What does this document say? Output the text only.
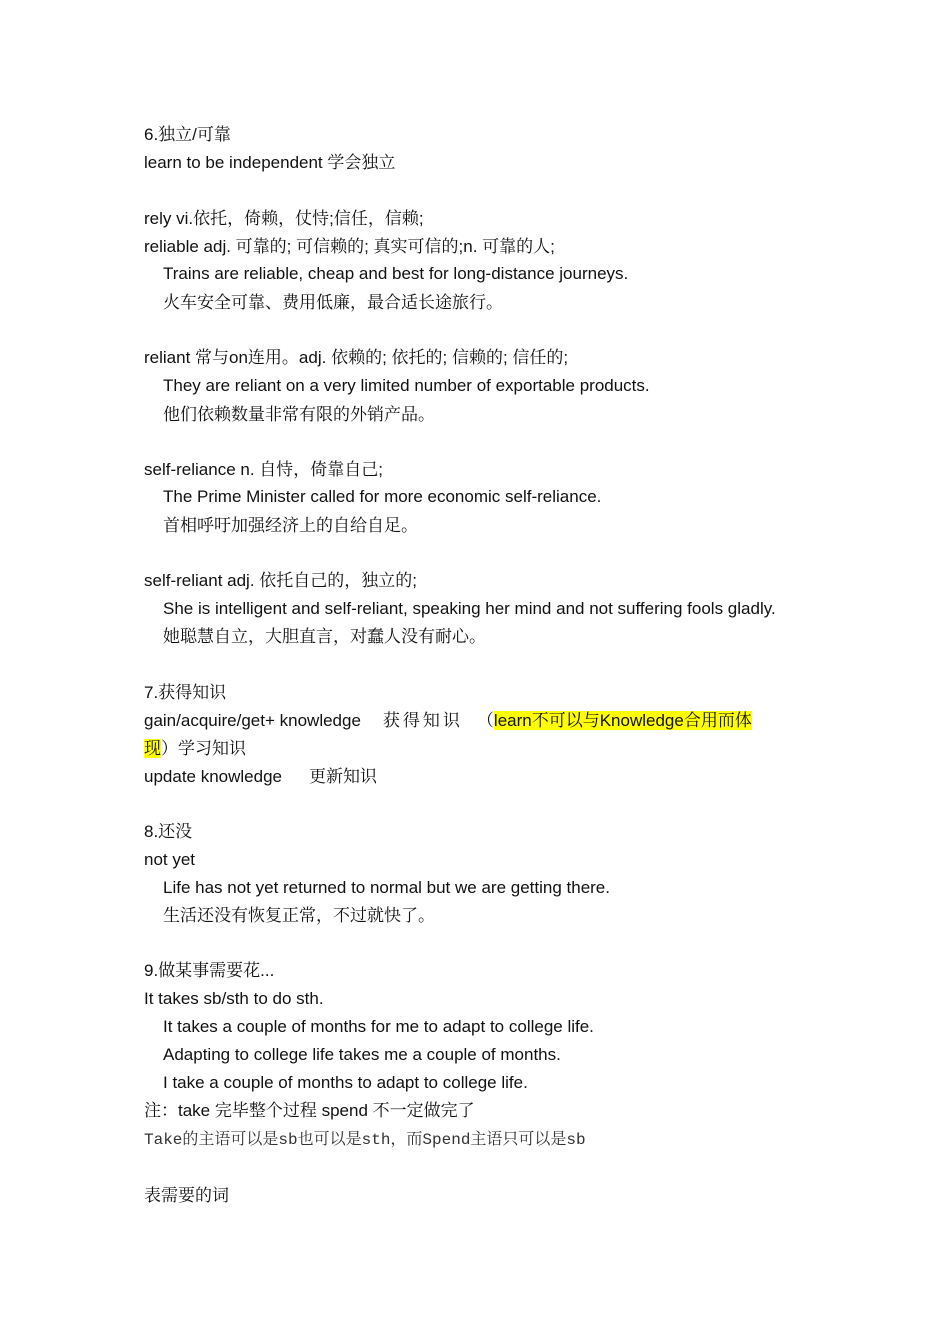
6.独立/可靠
learn to be independent 学会独立
rely vi.依托，倚赖，仗恃;信任，信赖;
reliable adj. 可靠的; 可信赖的; 真实可信的;n. 可靠的人;
Trains are reliable, cheap and best for long-distance journeys.
火车安全可靠、费用低廉，最合适长途旅行。
reliant 常与on连用。adj. 依赖的; 依托的; 信赖的; 信任的;
They are reliant on a very limited number of exportable products.
他们依赖数量非常有限的外销产品。
self-reliance n. 自恃，倚靠自己;
The Prime Minister called for more economic self-reliance.
首相呼吁加强经济上的自给自足。
self-reliant adj. 依托自己的，独立的;
She is intelligent and self-reliant, speaking her mind and not suffering fools gladly.
她聪慧自立，大胆直言，对蠢人没有耐心。
7.获得知识
gain/acquire/get+ knowledge 获得知识 （learn不可以与Knowledge合用而体
现）学习知识
update knowledge 更新知识
8.还没
not yet
Life has not yet returned to normal but we are getting there.
生活还没有恢复正常，不过就快了。
9.做某事需要花...
It takes sb/sth to do sth.
It takes a couple of months for me to adapt to college life.
Adapting to college life takes me a couple of months.
I take a couple of months to adapt to college life.
注：take 完毕整个过程 spend 不一定做完了
Take的主语可以是sb也可以是sth，而Spend主语只可以是sb
表需要的词
